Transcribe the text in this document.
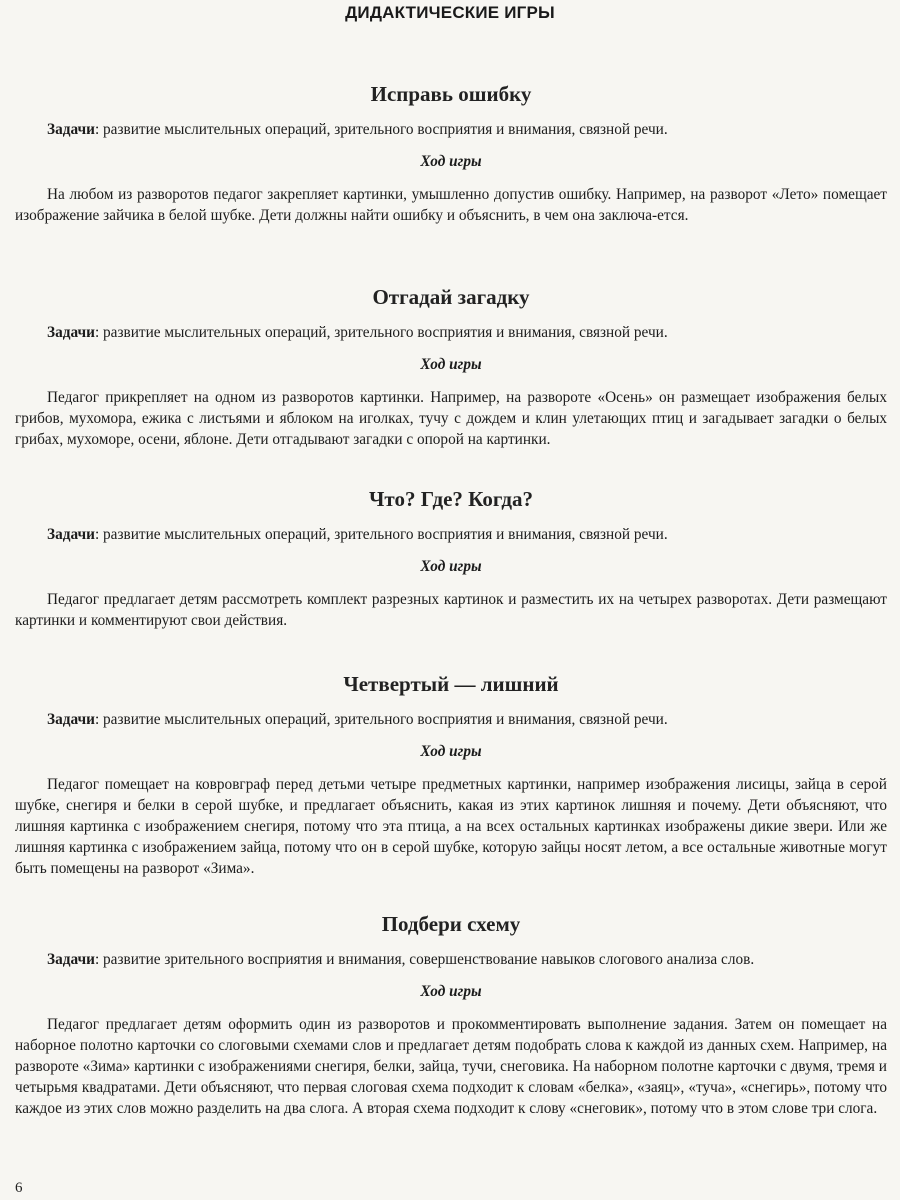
ДИДАКТИЧЕСКИЕ ИГРЫ
Исправь ошибку

Задачи: развитие мыслительных операций, зрительного восприятия и внимания, связной речи.

Ход игры

На любом из разворотов педагог закрепляет картинки, умышленно допустив ошибку. Например, на разворот «Лето» помещает изображение зайчика в белой шубке. Дети должны найти ошибку и объяснить, в чем она заключа-ется.

Отгадай загадку

Задачи: развитие мыслительных операций, зрительного восприятия и внимания, связной речи.

Ход игры

Педагог прикрепляет на одном из разворотов картинки. Например, на развороте «Осень» он размещает изображения белых грибов, мухомора, ежика с листьями и яблоком на иголках, тучу с дождем и клин улетающих птиц и загадывает загадки о белых грибах, мухоморе, осени, яблоне. Дети отгадывают загадки с опорой на картинки.

Что? Где? Когда?

Задачи: развитие мыслительных операций, зрительного восприятия и внимания, связной речи.

Ход игры

Педагог предлагает детям рассмотреть комплект разрезных картинок и разместить их на четырех разворотах. Дети размещают картинки и комментируют свои действия.

Четвертый — лишний

Задачи: развитие мыслительных операций, зрительного восприятия и внимания, связной речи.

Ход игры

Педагог помещает на ковровграф перед детьми четыре предметных картинки, например изображения лисицы, зайца в серой шубке, снегиря и белки в серой шубке, и предлагает объяснить, какая из этих картинок лишняя и почему. Дети объясняют, что лишняя картинка с изображением снегиря, потому что эта птица, а на всех остальных картинках изображены дикие звери. Или же лишняя картинка с изображением зайца, потому что он в серой шубке, которую зайцы носят летом, а все остальные животные могут быть помещены на разворот «Зима».

Подбери схему

Задачи: развитие зрительного восприятия и внимания, совершенствование навыков слогового анализа слов.

Ход игры

Педагог предлагает детям оформить один из разворотов и прокомментировать выполнение задания. Затем он помещает на наборное полотно карточки со слоговыми схемами слов и предлагает детям подобрать слова к каждой из данных схем. Например, на развороте «Зима» картинки с изображениями снегиря, белки, зайца, тучи, снеговика. На наборном полотне карточки с двумя, тремя и четырьмя квадратами. Дети объясняют, что первая слоговая схема подходит к словам «белка», «заяц», «туча», «снегирь», потому что каждое из этих слов можно разделить на два слога. А вторая схема подходит к слову «снеговик», потому что в этом слове три слога.

6
